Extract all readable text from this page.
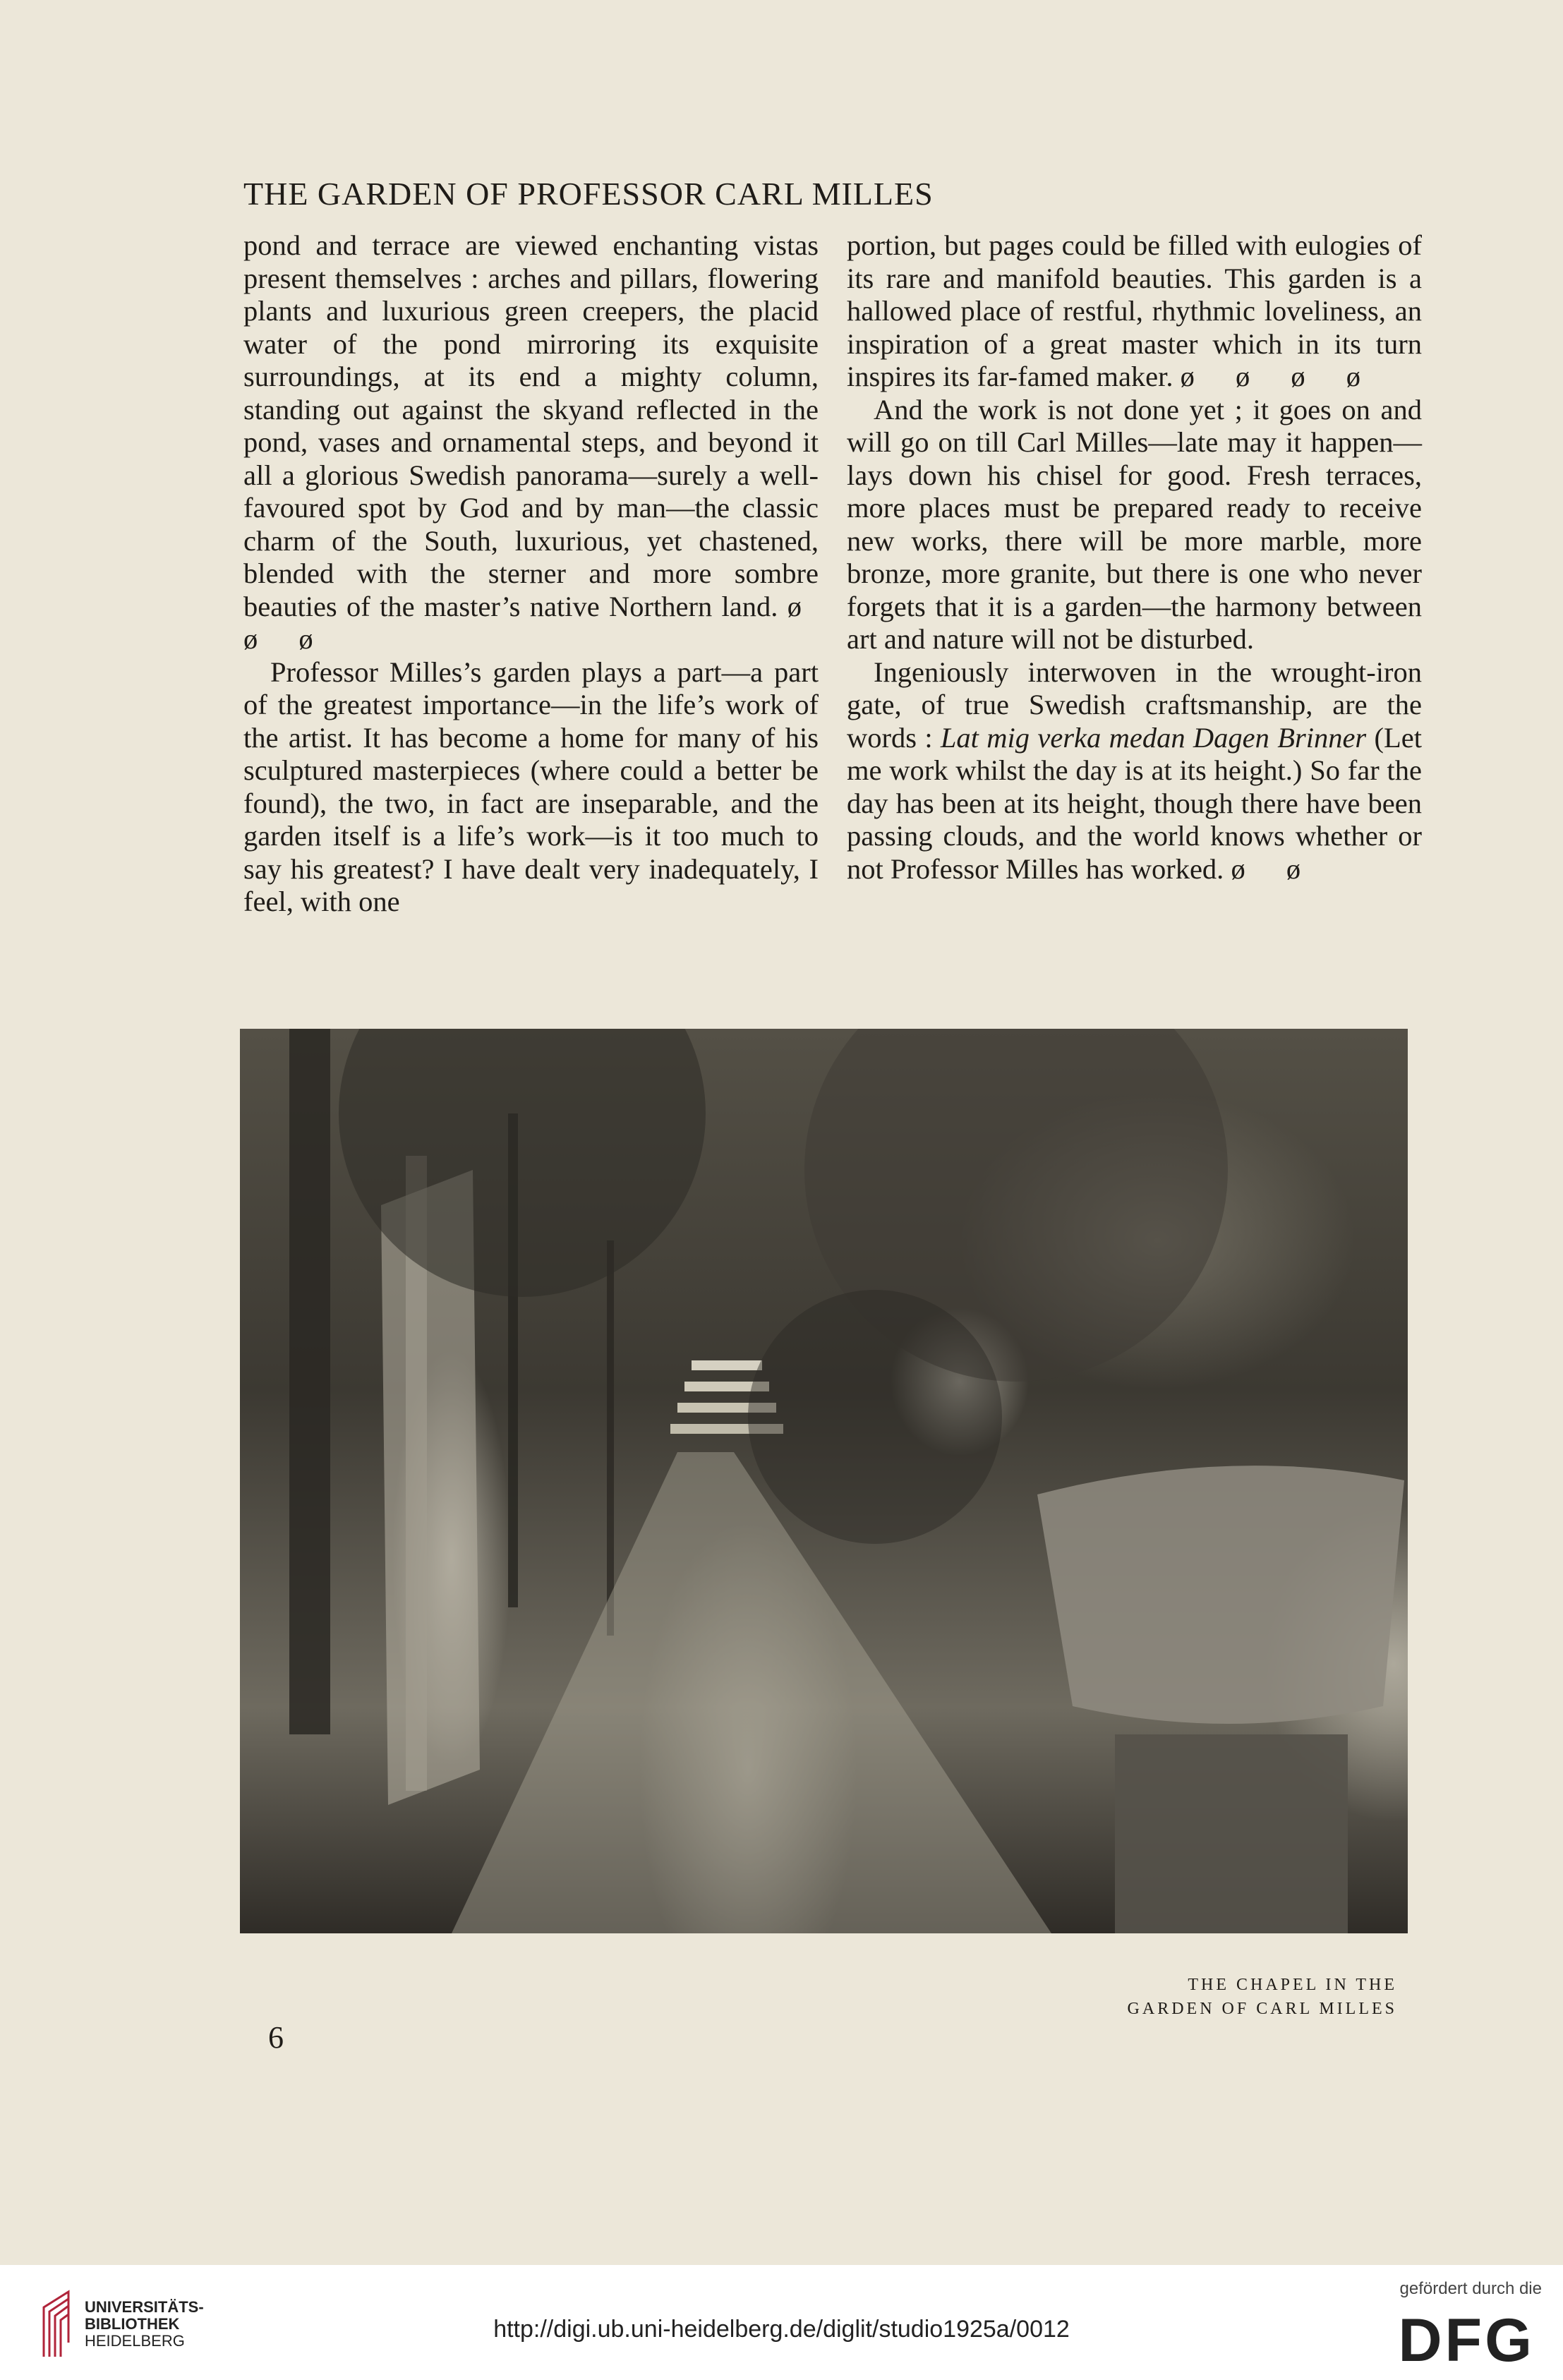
THE GARDEN OF PROFESSOR CARL MILLES

pond and terrace are viewed enchanting vistas present themselves : arches and pillars, flowering plants and luxurious green creepers, the placid water of the pond mirroring its exquisite surroundings, at its end a mighty column, standing out against the skyand reflected in the pond, vases and ornamental steps, and beyond it all a glorious Swedish panorama—surely a well-favoured spot by God and by man—the classic charm of the South, luxurious, yet chastened, blended with the sterner and more sombre beauties of the master’s native Northern land. ø ø ø

Professor Milles’s garden plays a part—a part of the greatest importance—in the life’s work of the artist. It has become a home for many of his sculptured masterpieces (where could a better be found), the two, in fact are inseparable, and the garden itself is a life’s work—is it too much to say his greatest? I have dealt very inadequately, I feel, with one

portion, but pages could be filled with eulogies of its rare and manifold beauties. This garden is a hallowed place of restful, rhythmic loveliness, an inspiration of a great master which in its turn inspires its far-famed maker. ø ø ø ø

And the work is not done yet ; it goes on and will go on till Carl Milles—late may it happen—lays down his chisel for good. Fresh terraces, more places must be prepared ready to receive new works, there will be more marble, more bronze, more granite, but there is one who never forgets that it is a garden—the harmony between art and nature will not be disturbed.

Ingeniously interwoven in the wrought-iron gate, of true Swedish craftsmanship, are the words : Lat mig verka medan Dagen Brinner (Let me work whilst the day is at its height.) So far the day has been at its height, though there have been passing clouds, and the world knows whether or not Professor Milles has worked. ø ø

THE CHAPEL IN THE
GARDEN OF CARL MILLES
6
UNIVERSITÄTS-
BIBLIOTHEK
HEIDELBERG	http://digi.ub.uni-heidelberg.de/diglit/studio1925a/0012
gefördert durch die
DFG
